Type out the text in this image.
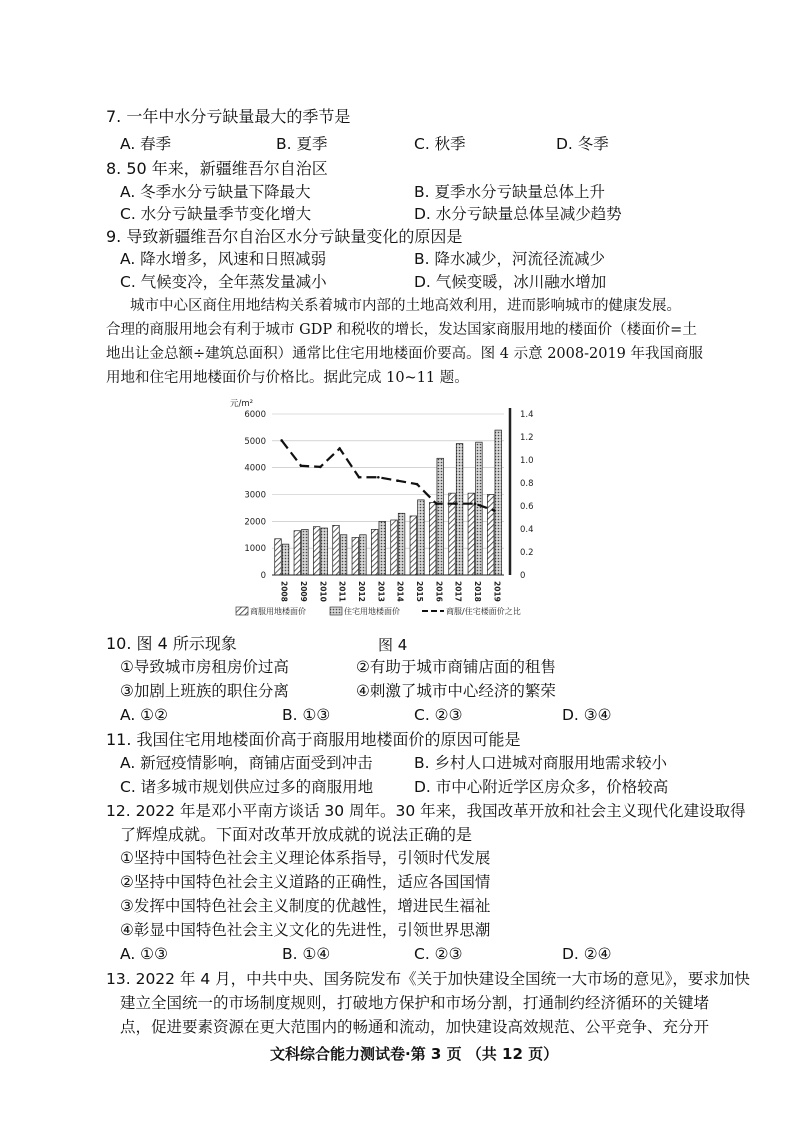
7. 一年中水分亏缺量最大的季节是
A. 春季	B. 夏季	C. 秋季	D. 冬季
8. 50 年来，新疆维吾尔自治区
A. 冬季水分亏缺量下降最大	B. 夏季水分亏缺量总体上升
C. 水分亏缺量季节变化增大	D. 水分亏缺量总体呈减少趋势
9. 导致新疆维吾尔自治区水分亏缺量变化的原因是
A. 降水增多，风速和日照减弱	B. 降水减少，河流径流减少
C. 气候变冷，全年蒸发量减小	D. 气候变暖，冰川融水增加
城市中心区商住用地结构关系着城市内部的土地高效利用，进而影响城市的健康发展。
合理的商服用地会有利于城市 GDP 和税收的增长，发达国家商服用地的楼面价（楼面价=土
地出让金总额÷建筑总面积）通常比住宅用地楼面价要高。图 4 示意 2008-2019 年我国商服
用地和住宅用地楼面价与价格比。据此完成 10~11 题。
0
1000
2000
3000
4000
5000
6000
0
0.2
0.4
0.6
0.8
1.0
1.2
1.4
元/m²
2008 2009 2010 2011 2012 2013 2014 2015 2016 2017 2018 2019
商服用地楼面价	住宅用地楼面价	商服/住宅楼面价之比
图 4
10. 图 4 所示现象
①导致城市房租房价过高	②有助于城市商铺店面的租售
③加剧上班族的职住分离	④刺激了城市中心经济的繁荣
A. ①②	B. ①③	C. ②③	D. ③④
11. 我国住宅用地楼面价高于商服用地楼面价的原因可能是
A. 新冠疫情影响，商铺店面受到冲击	B. 乡村人口进城对商服用地需求较小
C. 诸多城市规划供应过多的商服用地	D. 市中心附近学区房众多，价格较高
12. 2022 年是邓小平南方谈话 30 周年。30 年来，我国改革开放和社会主义现代化建设取得
了辉煌成就。下面对改革开放成就的说法正确的是
①坚持中国特色社会主义理论体系指导，引领时代发展
②坚持中国特色社会主义道路的正确性，适应各国国情
③发挥中国特色社会主义制度的优越性，增进民生福祉
④彰显中国特色社会主义文化的先进性，引领世界思潮
A. ①③	B. ①④	C. ②③	D. ②④
13. 2022 年 4 月，中共中央、国务院发布《关于加快建设全国统一大市场的意见》，要求加快
建立全国统一的市场制度规则，打破地方保护和市场分割，打通制约经济循环的关键堵
点，促进要素资源在更大范围内的畅通和流动，加快建设高效规范、公平竞争、充分开
文科综合能力测试卷·第 3 页 （共 12 页）
